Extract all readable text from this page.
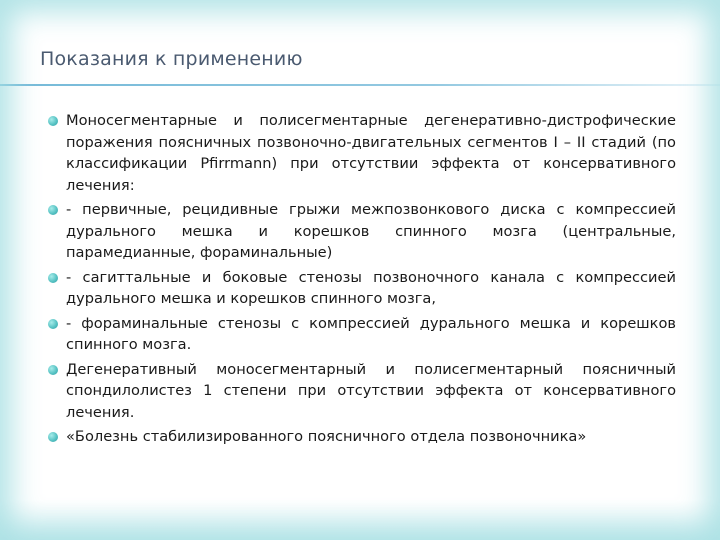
Показания к применению
Моносегментарные и полисегментарные дегенеративно-дистрофические поражения поясничных позвоночно-двигательных сегментов I – II стадий (по классификации Pfirrmann) при отсутствии эффекта от консервативного лечения:
- первичные, рецидивные грыжи межпозвонкового диска с компрессией дурального мешка и корешков спинного мозга (центральные, парамедианные, фораминальные)
- сагиттальные и боковые стенозы позвоночного канала с компрессией дурального мешка и корешков спинного мозга,
- фораминальные стенозы с компрессией дурального мешка и корешков спинного мозга.
Дегенеративный моносегментарный и полисегментарный поясничный спондилолистез 1 степени при отсутствии эффекта от консервативного лечения.
«Болезнь стабилизированного поясничного отдела позвоночника»
